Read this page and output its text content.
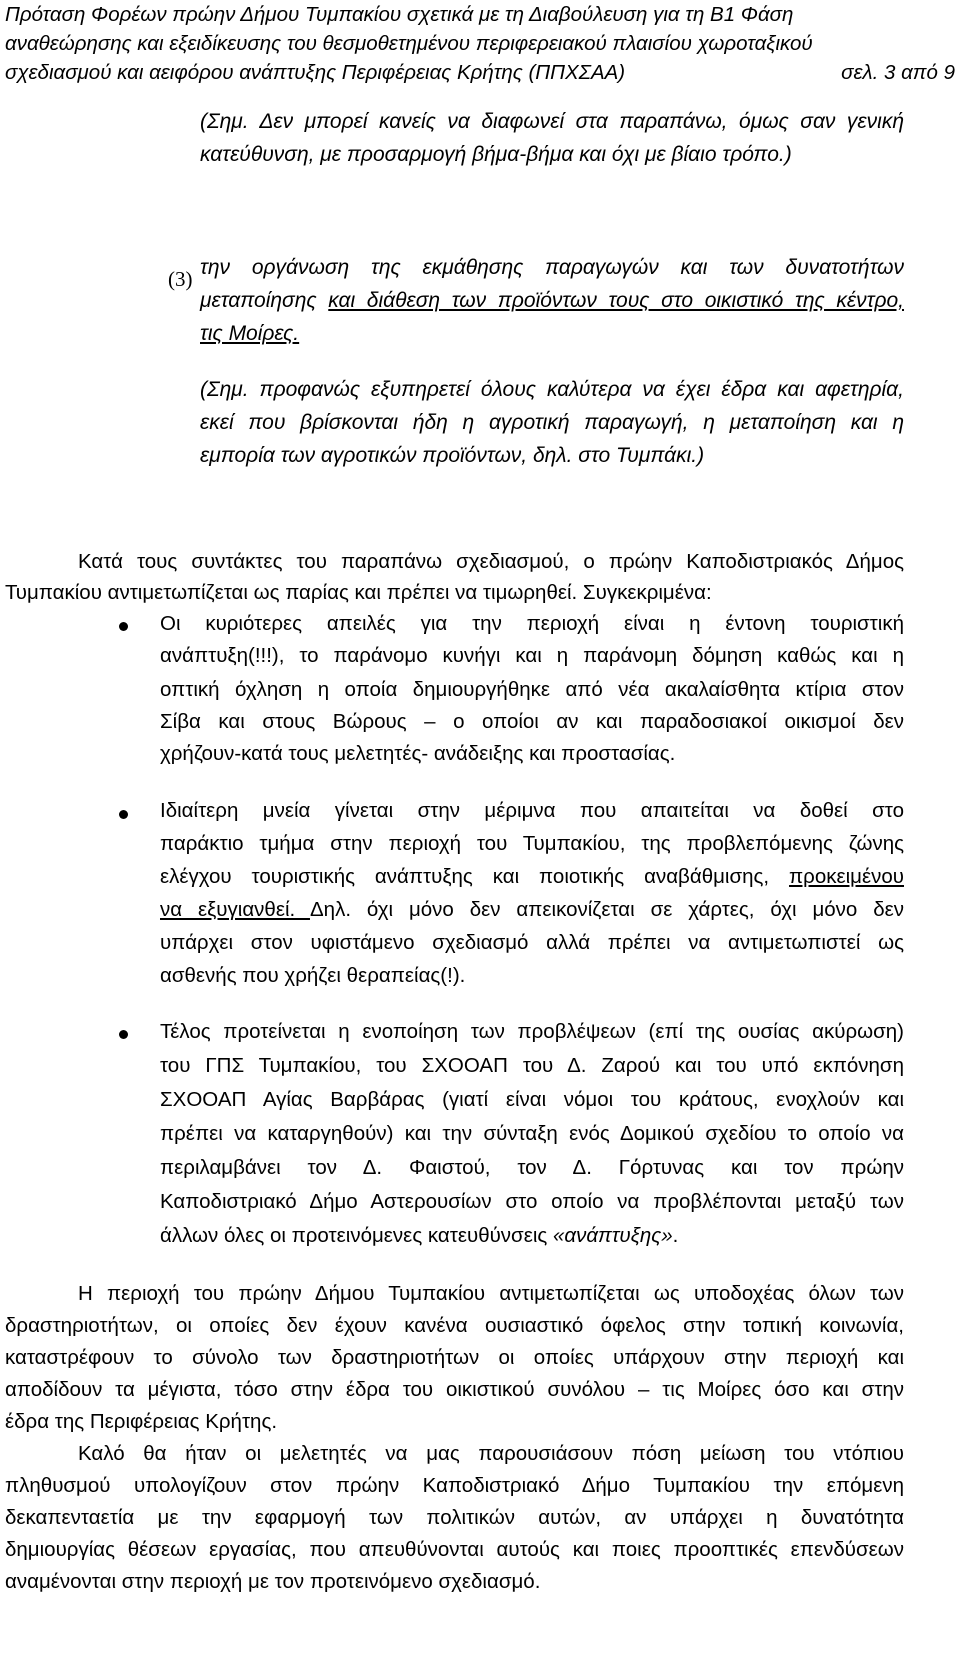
Πρόταση Φορέων πρώην Δήμου Τυμπακίου σχετικά με τη Διαβούλευση για τη Β1 Φάση
αναθεώρησης και εξειδίκευσης του θεσμοθετημένου περιφερειακού πλαισίου χωροταξικού
σχεδιασμού και αειφόρου ανάπτυξης Περιφέρειας Κρήτης (ΠΠΧΣΑΑ)	σελ. 3 από 9
(Σημ. Δεν μπορεί κανείς να διαφωνεί στα παραπάνω, όμως σαν γενική
κατεύθυνση, με προσαρμογή βήμα-βήμα και όχι με βίαιο τρόπο.)
(3) την οργάνωση της εκμάθησης παραγωγών και των δυνατοτήτων
μεταποίησης και διάθεση των προϊόντων τους στο οικιστικό της κέντρο,
τις Μοίρες.
(Σημ. προφανώς εξυπηρετεί όλους καλύτερα να έχει έδρα και αφετηρία,
εκεί που βρίσκονται ήδη η αγροτική παραγωγή, η μεταποίηση και η
εμπορία των αγροτικών προϊόντων, δηλ. στο Τυμπάκι.)
Κατά τους συντάκτες του παραπάνω σχεδιασμού, ο πρώην Καποδιστριακός Δήμος
Τυμπακίου αντιμετωπίζεται ως παρίας και πρέπει να τιμωρηθεί. Συγκεκριμένα:
Οι κυριότερες απειλές για την περιοχή είναι η έντονη τουριστική
ανάπτυξη(!!!), το παράνομο κυνήγι και η παράνομη δόμηση καθώς και η
οπτική όχληση η οποία δημιουργήθηκε από νέα ακαλαίσθητα κτίρια στον
Σίβα και στους Βώρους – ο οποίοι αν και παραδοσιακοί οικισμοί δεν
χρήζουν-κατά τους μελετητές- ανάδειξης και προστασίας.
Ιδιαίτερη μνεία γίνεται στην μέριμνα που απαιτείται να δοθεί στο
παράκτιο τμήμα στην περιοχή του Τυμπακίου, της προβλεπόμενης ζώνης
ελέγχου τουριστικής ανάπτυξης και ποιοτικής αναβάθμισης, προκειμένου
να εξυγιανθεί. Δηλ. όχι μόνο δεν απεικονίζεται σε χάρτες, όχι μόνο δεν
υπάρχει στον υφιστάμενο σχεδιασμό αλλά πρέπει να αντιμετωπιστεί ως
ασθενής που χρήζει θεραπείας(!).
Τέλος προτείνεται η ενοποίηση των προβλέψεων (επί της ουσίας ακύρωση)
του ΓΠΣ Τυμπακίου, του ΣΧΟΟΑΠ του Δ. Ζαρού και του υπό εκπόνηση
ΣΧΟΟΑΠ Αγίας Βαρβάρας (γιατί είναι νόμοι του κράτους, ενοχλούν και
πρέπει να καταργηθούν) και την σύνταξη ενός Δομικού σχεδίου το οποίο να
περιλαμβάνει τον Δ. Φαιστού, τον Δ. Γόρτυνας και τον πρώην
Καποδιστριακό Δήμο Αστερουσίων στο οποίο να προβλέπονται μεταξύ των
άλλων όλες οι προτεινόμενες κατευθύνσεις «ανάπτυξης».
Η περιοχή του πρώην Δήμου Τυμπακίου αντιμετωπίζεται ως υποδοχέας όλων των
δραστηριοτήτων, οι οποίες δεν έχουν κανένα ουσιαστικό όφελος στην τοπική κοινωνία,
καταστρέφουν το σύνολο των δραστηριοτήτων οι οποίες υπάρχουν στην περιοχή και
αποδίδουν τα μέγιστα, τόσο στην έδρα του οικιστικού συνόλου – τις Μοίρες όσο και στην
έδρα της Περιφέρειας Κρήτης.
Καλό θα ήταν οι μελετητές να μας παρουσιάσουν πόση μείωση του ντόπιου
πληθυσμού υπολογίζουν στον πρώην Καποδιστριακό Δήμο Τυμπακίου την επόμενη
δεκαπενταετία με την εφαρμογή των πολιτικών αυτών, αν υπάρχει η δυνατότητα
δημιουργίας θέσεων εργασίας, που απευθύνονται αυτούς και ποιες προοπτικές επενδύσεων
αναμένονται στην περιοχή με τον προτεινόμενο σχεδιασμό.
